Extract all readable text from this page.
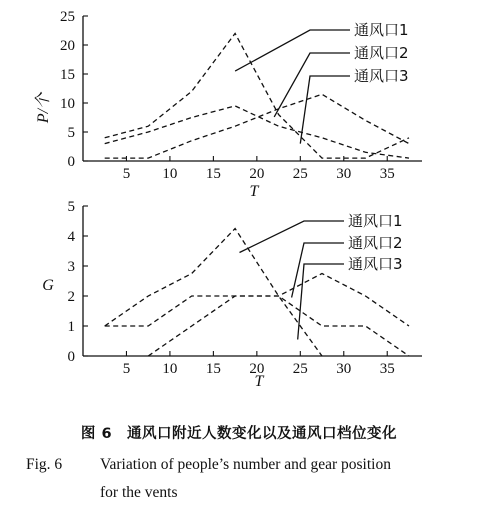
5 10 15 20 25 30 35
0
5
10
15
20
25
T
P/个
通风口1
通风口2
通风口3
5 10 15 20 25 30 35
0
1
2
3
4
5
T
G
通风口1
通风口2
通风口3
图 6　通风口附近人数变化以及通风口档位变化
Fig. 6 Variation of people’s number and gear position
for the vents
